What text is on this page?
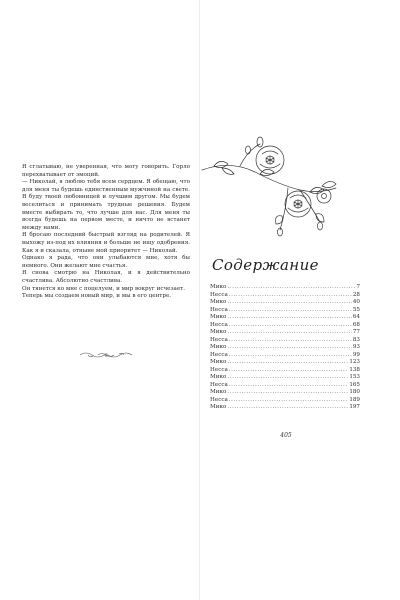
Я сглатываю, не уверенная, что могу говорить. Горло перехватывает от эмоций.

— Николай, я люблю тебя всем сердцем. Я обещаю, что для меня ты будешь единственным мужчиной на свете. Я буду твоей любовницей и лучшим другом. Мы будем веселиться и принимать трудные решения. Будем вместе выбирать то, что лучше для нас. Для меня ты всегда будешь на первом месте, и ничто не встанет между нами.

Я бросаю последний быстрый взгляд на родителей. Я выхожу из-под их влияния и больше не ищу одобрения. Как я и сказала, отныне мой приоритет — Николай.

Однако я рада, что они улыбаются мне, хотя бы немного. Они желают мне счастья.

Я снова смотрю на Николая, и я действительно счастлива. Абсолютно счастлива.

Он тянется ко мне с поцелуем, и мир вокруг исчезает.

Теперь мы создаем новый мир, и мы в его центре.

Содержание
Мико .....	7
Несса .....	28
Мико .....	40
Несса .....	55
Мико .....	64
Несса .....	68
Мико .....	77
Несса .....	83
Мико .....	93
Несса .....	99
Мико .....	123
Несса .....	138
Мико .....	153
Несса .....	165
Мико .....	180
Несса .....	189
Мико .....	197
405
